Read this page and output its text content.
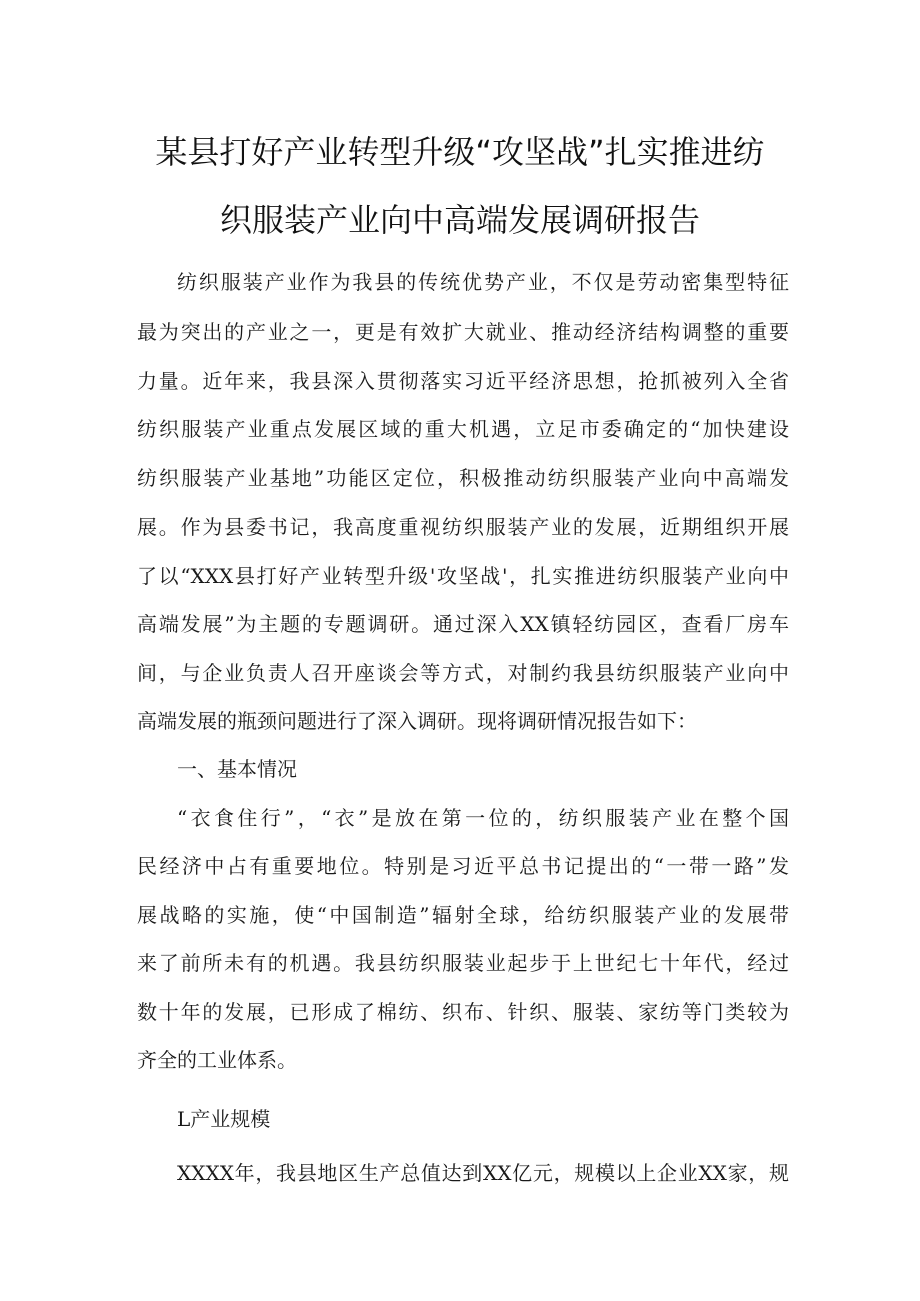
某县打好产业转型升级“攻坚战”扎实推进纺
织服装产业向中高端发展调研报告
纺织服装产业作为我县的传统优势产业，不仅是劳动密集型特征
最为突出的产业之一，更是有效扩大就业、推动经济结构调整的重要
力量。近年来，我县深入贯彻落实习近平经济思想，抢抓被列入全省
纺织服装产业重点发展区域的重大机遇，立足市委确定的“加快建设
纺织服装产业基地”功能区定位，积极推动纺织服装产业向中高端发
展。作为县委书记，我高度重视纺织服装产业的发展，近期组织开展
了以“XXX县打好产业转型升级'攻坚战'，扎实推进纺织服装产业向中
高端发展”为主题的专题调研。通过深入XX镇轻纺园区，查看厂房车
间，与企业负责人召开座谈会等方式，对制约我县纺织服装产业向中
高端发展的瓶颈问题进行了深入调研。现将调研情况报告如下：
一、基本情况
“衣食住行”，“衣”是放在第一位的，纺织服装产业在整个国
民经济中占有重要地位。特别是习近平总书记提出的“一带一路”发
展战略的实施，使“中国制造”辐射全球，给纺织服装产业的发展带
来了前所未有的机遇。我县纺织服装业起步于上世纪七十年代，经过
数十年的发展，已形成了棉纺、织布、针织、服装、家纺等门类较为
齐全的工业体系。
L产业规模
XXXX年，我县地区生产总值达到XX亿元，规模以上企业XX家，规
